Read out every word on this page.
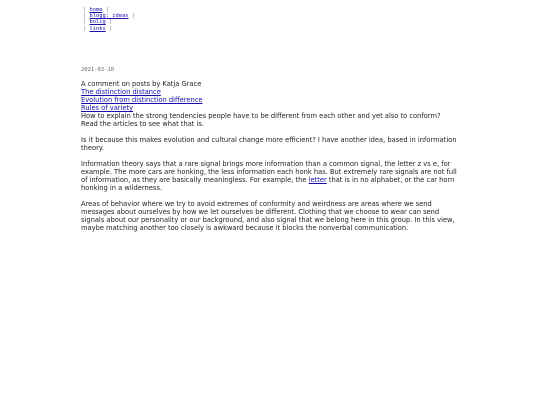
| home |
| blogg: ideas |
| bolig |
| links |
2021-02-10

A comment on posts by Katja Grace
The distinction distance
Evolution from distinction difference
Rules of variety
How to explain the strong tendencies people have to be different from each other and yet also to conform?
Read the articles to see what that is.

Is it because this makes evolution and cultural change more efficient? I have another idea, based in information theory.

Information theory says that a rare signal brings more information than a common signal, the letter z vs e, for example. The more cars are honking, the less information each honk has. But extremely rare signals are not full of information, as they are basically meaningless. For example, the letter that is in no alphabet, or the car horn honking in a wilderness.

Areas of behavior where we try to avoid extremes of conformity and weirdness are areas where we send messages about ourselves by how we let ourselves be different. Clothing that we choose to wear can send signals about our personality or our background, and also signal that we belong here in this group. In this view, maybe matching another too closely is awkward because it blocks the nonverbal communication.
